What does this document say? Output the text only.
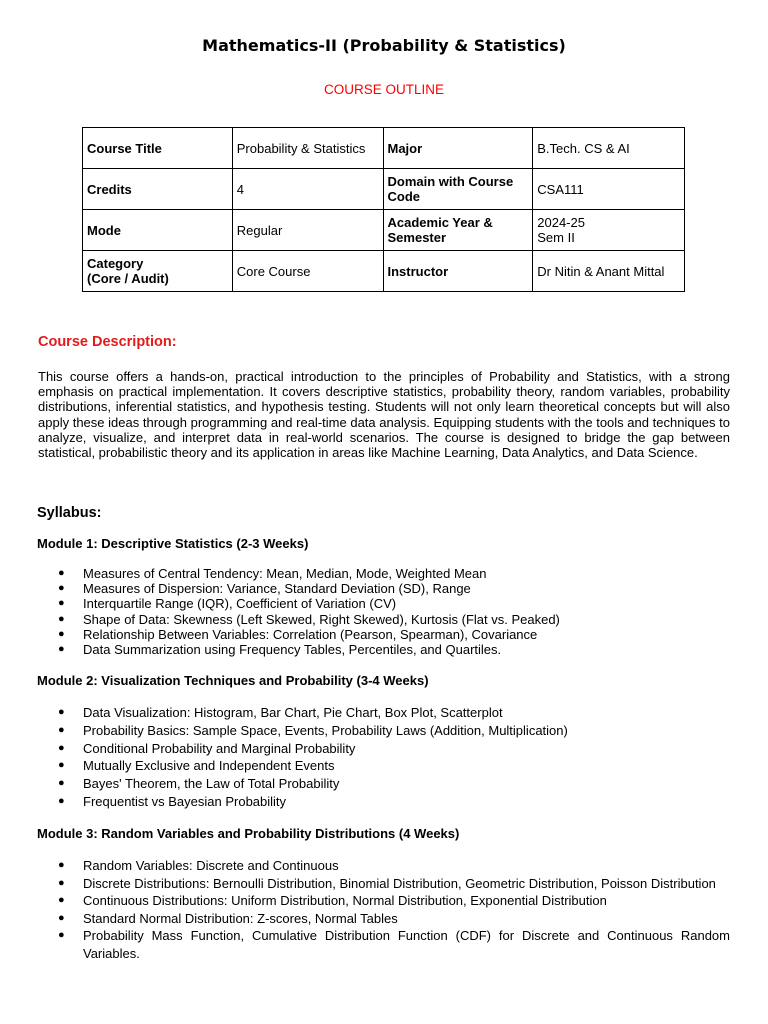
Mathematics-II (Probability & Statistics)
COURSE OUTLINE
Course Title	Probability & Statistics	Major	B.Tech. CS & AI
Credits	4	Domain with Course Code	CSA111
Mode	Regular	Academic Year & Semester	2024-25
Sem II
Category
(Core / Audit)	Core Course	Instructor	Dr Nitin & Anant Mittal
Course Description:
This course offers a hands-on, practical introduction to the principles of Probability and Statistics, with a strong emphasis on practical implementation. It covers descriptive statistics, probability theory, random variables, probability distributions, inferential statistics, and hypothesis testing. Students will not only learn theoretical concepts but will also apply these ideas through programming and real-time data analysis. Equipping students with the tools and techniques to analyze, visualize, and interpret data in real-world scenarios. The course is designed to bridge the gap between statistical, probabilistic theory and its application in areas like Machine Learning, Data Analytics, and Data Science.
Syllabus:
Module 1: Descriptive Statistics (2-3 Weeks)
● Measures of Central Tendency: Mean, Median, Mode, Weighted Mean
● Measures of Dispersion: Variance, Standard Deviation (SD), Range
● Interquartile Range (IQR), Coefficient of Variation (CV)
● Shape of Data: Skewness (Left Skewed, Right Skewed), Kurtosis (Flat vs. Peaked)
● Relationship Between Variables: Correlation (Pearson, Spearman), Covariance
● Data Summarization using Frequency Tables, Percentiles, and Quartiles.
Module 2: Visualization Techniques and Probability (3-4 Weeks)
● Data Visualization: Histogram, Bar Chart, Pie Chart, Box Plot, Scatterplot
● Probability Basics: Sample Space, Events, Probability Laws (Addition, Multiplication)
● Conditional Probability and Marginal Probability
● Mutually Exclusive and Independent Events
● Bayes' Theorem, the Law of Total Probability
● Frequentist vs Bayesian Probability
Module 3: Random Variables and Probability Distributions (4 Weeks)
● Random Variables: Discrete and Continuous
● Discrete Distributions: Bernoulli Distribution, Binomial Distribution, Geometric Distribution, Poisson Distribution
● Continuous Distributions: Uniform Distribution, Normal Distribution, Exponential Distribution
● Standard Normal Distribution: Z-scores, Normal Tables
● Probability Mass Function, Cumulative Distribution Function (CDF) for Discrete and Continuous Random Variables.
